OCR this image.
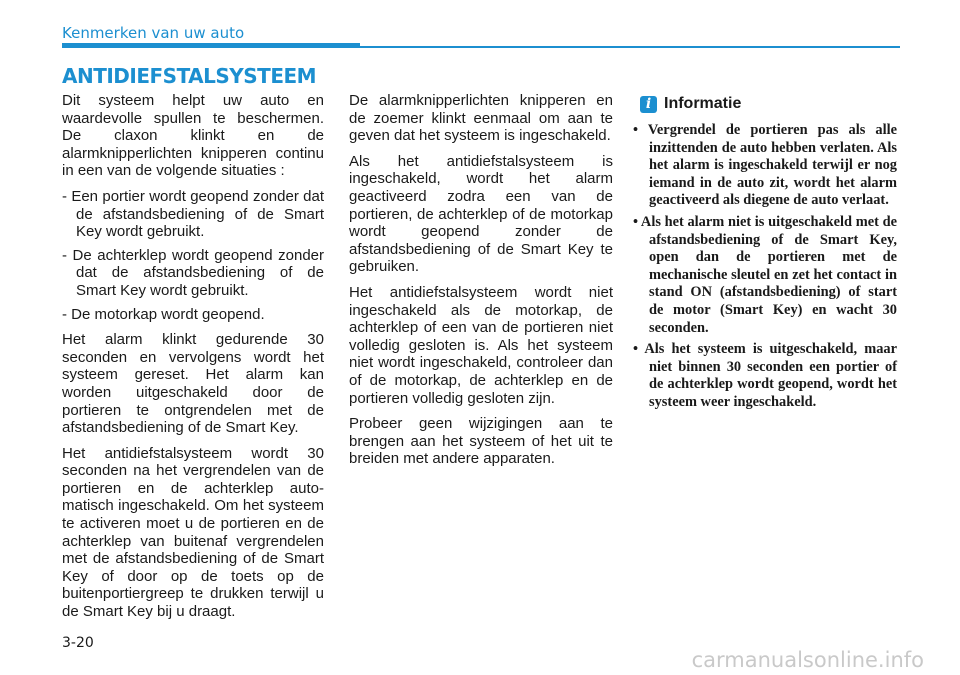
Kenmerken van uw auto
ANTIDIEFSTALSYSTEEM

Dit systeem helpt uw auto en waardevolle spullen te beschermen. De claxon klinkt en de alarmknipperlichten knipperen continu in een van de volgende situaties :

- Een portier wordt geopend zonder dat de afstandsbediening of de Smart Key wordt gebruikt.
- De achterklep wordt geopend zonder dat de afstandsbediening of de Smart Key wordt gebruikt.
- De motorkap wordt geopend.

Het alarm klinkt gedurende 30 seconden en vervolgens wordt het systeem gereset. Het alarm kan worden uitgeschakeld door de portieren te ontgrendelen met de afstandsbediening of de Smart Key.

Het antidiefstalsysteem wordt 30 seconden na het vergrendelen van de portieren en de achterklep auto-matisch ingeschakeld. Om het systeem te activeren moet u de portieren en de achterklep van buitenaf vergrendelen met de afstandsbediening of de Smart Key of door op de toets op de buitenportiergreep te drukken terwijl u de Smart Key bij u draagt.

De alarmknipperlichten knipperen en de zoemer klinkt eenmaal om aan te geven dat het systeem is ingeschakeld.

Als het antidiefstalsysteem is ingeschakeld, wordt het alarm geactiveerd zodra een van de portieren, de achterklep of de motorkap wordt geopend zonder de afstandsbediening of de Smart Key te gebruiken.

Het antidiefstalsysteem wordt niet ingeschakeld als de motorkap, de achterklep of een van de portieren niet volledig gesloten is. Als het systeem niet wordt ingeschakeld, controleer dan of de motorkap, de achterklep en de portieren volledig gesloten zijn.

Probeer geen wijzigingen aan te brengen aan het systeem of het uit te breiden met andere apparaten.

i Informatie
• Vergrendel de portieren pas als alle inzittenden de auto hebben verlaten. Als het alarm is ingeschakeld terwijl er nog iemand in de auto zit, wordt het alarm geactiveerd als diegene de auto verlaat.
• Als het alarm niet is uitgeschakeld met de afstandsbediening of de Smart Key, open dan de portieren met de mechanische sleutel en zet het contact in stand ON (afstandsbediening) of start de motor (Smart Key) en wacht 30 seconden.
• Als het systeem is uitgeschakeld, maar niet binnen 30 seconden een portier of de achterklep wordt geopend, wordt het systeem weer ingeschakeld.
3-20
carmanualsonline.info
